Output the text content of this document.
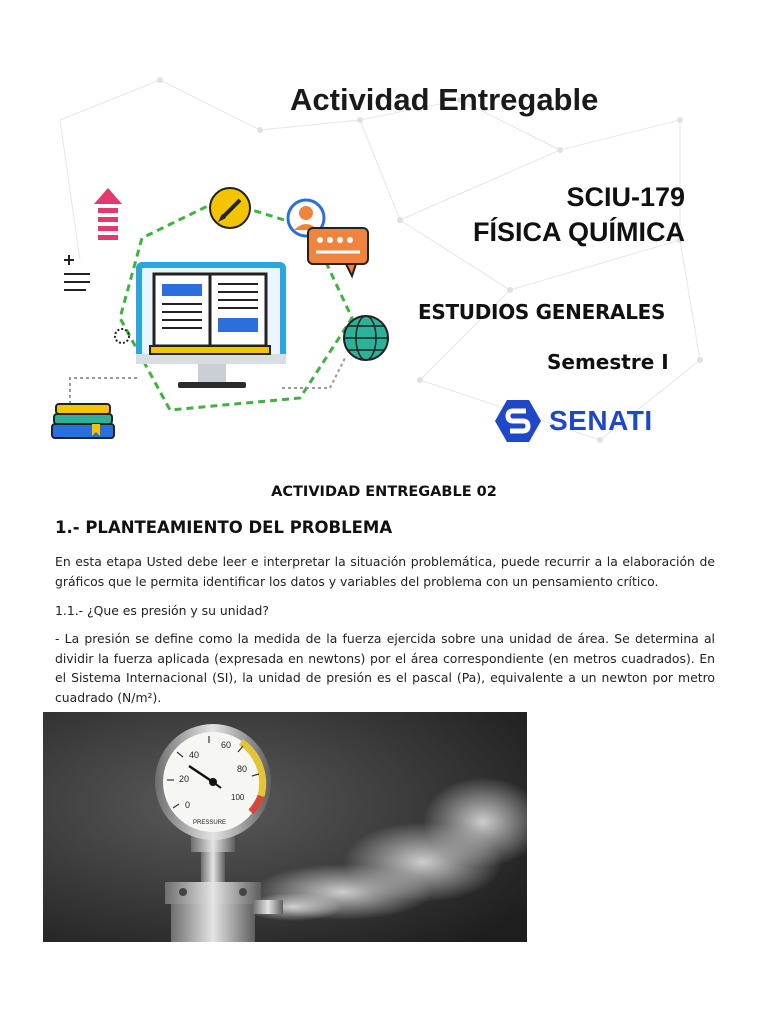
Actividad Entregable
SCIU-179
FÍSICA QUÍMICA
ESTUDIOS GENERALES
Semestre I
SENATI
ACTIVIDAD ENTREGABLE 02
1.- PLANTEAMIENTO DEL PROBLEMA
En esta etapa Usted debe leer e interpretar la situación problemática, puede recurrir a la elaboración de gráficos que le permita identificar los datos y variables del problema con un pensamiento crítico.
1.1.- ¿Que es presión y su unidad?
- La presión se define como la medida de la fuerza ejercida sobre una unidad de área. Se determina al dividir la fuerza aplicada (expresada en newtons) por el área correspondiente (en metros cuadrados). En el Sistema Internacional (SI), la unidad de presión es el pascal (Pa), equivalente a un newton por metro cuadrado (N/m²).
0
20
40
60
80
100
PRESSURE
